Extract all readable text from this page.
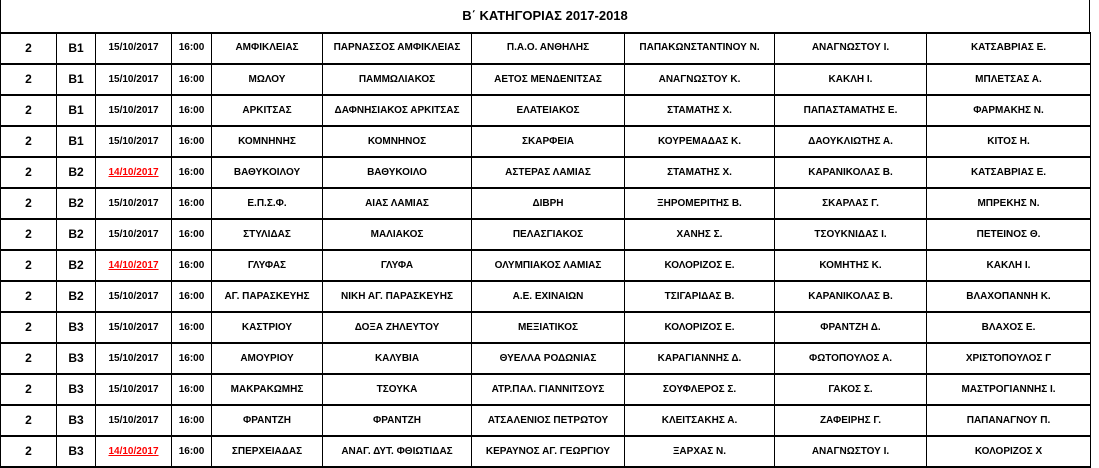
Β΄ ΚΑΤΗΓΟΡΙΑΣ 2017-2018
2	Β1	15/10/2017	16:00	ΑΜΦΙΚΛΕΙΑΣ	ΠΑΡΝΑΣΣΟΣ ΑΜΦΙΚΛΕΙΑΣ	Π.Α.Ο. ΑΝΘΗΛΗΣ	ΠΑΠΑΚΩΝΣΤΑΝΤΙΝΟΥ Ν.	ΑΝΑΓΝΩΣΤΟΥ Ι.	ΚΑΤΣΑΒΡΙΑΣ Ε.
2	Β1	15/10/2017	16:00	ΜΩΛΟΥ	ΠΑΜΜΩΛΙΑΚΟΣ	ΑΕΤΟΣ ΜΕΝΔΕΝΙΤΣΑΣ	ΑΝΑΓΝΩΣΤΟΥ Κ.	ΚΑΚΛΗ Ι.	ΜΠΛΕΤΣΑΣ Α.
2	Β1	15/10/2017	16:00	ΑΡΚΙΤΣΑΣ	ΔΑΦΝΗΣΙΑΚΟΣ ΑΡΚΙΤΣΑΣ	ΕΛΑΤΕΙΑΚΟΣ	ΣΤΑΜΑΤΗΣ Χ.	ΠΑΠΑΣΤΑΜΑΤΗΣ Ε.	ΦΑΡΜΑΚΗΣ Ν.
2	Β1	15/10/2017	16:00	ΚΟΜΝΗΝΗΣ	ΚΟΜΝΗΝΟΣ	ΣΚΑΡΦΕΙΑ	ΚΟΥΡΕΜΑΔΑΣ Κ.	ΔΑΟΥΚΛΙΩΤΗΣ Α.	ΚΙΤΟΣ Η.
2	Β2	14/10/2017	16:00	ΒΑΘΥΚΟΙΛΟΥ	ΒΑΘΥΚΟΙΛΟ	ΑΣΤΕΡΑΣ ΛΑΜΙΑΣ	ΣΤΑΜΑΤΗΣ Χ.	ΚΑΡΑΝΙΚΟΛΑΣ Β.	ΚΑΤΣΑΒΡΙΑΣ Ε.
2	Β2	15/10/2017	16:00	Ε.Π.Σ.Φ.	ΑΙΑΣ ΛΑΜΙΑΣ	ΔΙΒΡΗ	ΞΗΡΟΜΕΡΙΤΗΣ Β.	ΣΚΑΡΛΑΣ Γ.	ΜΠΡΕΚΗΣ Ν.
2	Β2	15/10/2017	16:00	ΣΤΥΛΙΔΑΣ	ΜΑΛΙΑΚΟΣ	ΠΕΛΑΣΓΙΑΚΟΣ	ΧΑΝΗΣ Σ.	ΤΣΟΥΚΝΙΔΑΣ Ι.	ΠΕΤΕΙΝΟΣ Θ.
2	Β2	14/10/2017	16:00	ΓΛΥΦΑΣ	ΓΛΥΦΑ	ΟΛΥΜΠΙΑΚΟΣ ΛΑΜΙΑΣ	ΚΟΛΟΡΙΖΟΣ Ε.	ΚΟΜΗΤΗΣ Κ.	ΚΑΚΛΗ Ι.
2	Β2	15/10/2017	16:00	ΑΓ. ΠΑΡΑΣΚΕΥΗΣ	ΝΙΚΗ ΑΓ. ΠΑΡΑΣΚΕΥΗΣ	Α.Ε. ΕΧΙΝΑΙΩΝ	ΤΣΙΓΑΡΙΔΑΣ Β.	ΚΑΡΑΝΙΚΟΛΑΣ Β.	ΒΛΑΧΟΠΑΝΝΗ Κ.
2	Β3	15/10/2017	16:00	ΚΑΣΤΡΙΟΥ	ΔΟΞΑ ΖΗΛΕΥΤΟΥ	ΜΕΞΙΑΤΙΚΟΣ	ΚΟΛΟΡΙΖΟΣ Ε.	ΦΡΑΝΤΖΗ Δ.	ΒΛΑΧΟΣ Ε.
2	Β3	15/10/2017	16:00	ΑΜΟΥΡΙΟΥ	ΚΑΛΥΒΙΑ	ΘΥΕΛΛΑ ΡΟΔΩΝΙΑΣ	ΚΑΡΑΓΙΑΝΝΗΣ Δ.	ΦΩΤΟΠΟΥΛΟΣ Α.	ΧΡΙΣΤΟΠΟΥΛΟΣ Γ
2	Β3	15/10/2017	16:00	ΜΑΚΡΑΚΩΜΗΣ	ΤΣΟΥΚΑ	ΑΤΡ.ΠΑΛ. ΓΙΑΝΝΙΤΣΟΥΣ	ΣΟΥΦΛΕΡΟΣ Σ.	ΓΑΚΟΣ Σ.	ΜΑΣΤΡΟΓΙΑΝΝΗΣ Ι.
2	Β3	15/10/2017	16:00	ΦΡΑΝΤΖΗ	ΦΡΑΝΤΖΗ	ΑΤΣΑΛΕΝΙΟΣ ΠΕΤΡΩΤΟΥ	ΚΛΕΙΤΣΑΚΗΣ Α.	ΖΑΦΕΙΡΗΣ Γ.	ΠΑΠΑΝΑΓΝΟΥ Π.
2	Β3	14/10/2017	16:00	ΣΠΕΡΧΕΙΑΔΑΣ	ΑΝΑΓ. ΔΥΤ. ΦΘΙΩΤΙΔΑΣ	ΚΕΡΑΥΝΟΣ ΑΓ. ΓΕΩΡΓΙΟΥ	ΞΑΡΧΑΣ Ν.	ΑΝΑΓΝΩΣΤΟΥ Ι.	ΚΟΛΟΡΙΖΟΣ Χ
